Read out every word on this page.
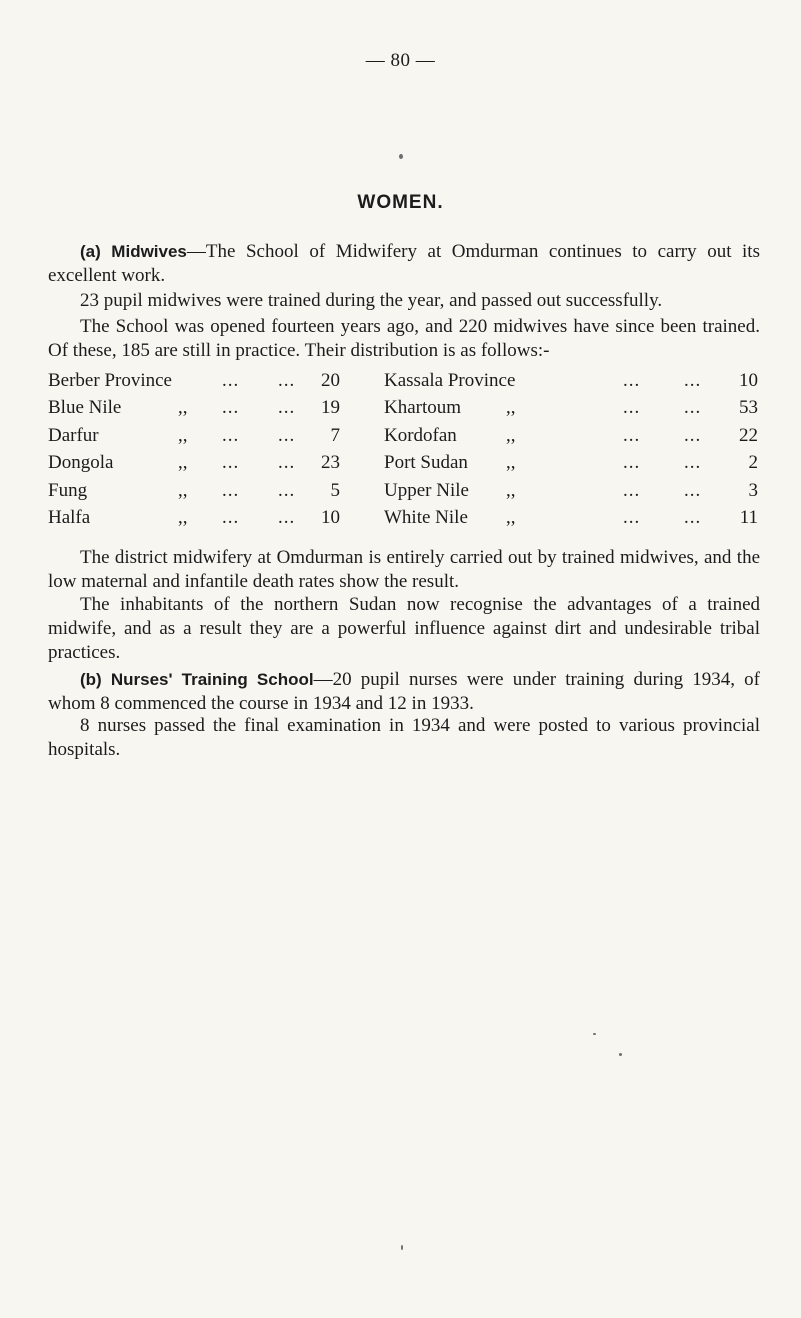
— 80 —
WOMEN.
(a) Midwives—The School of Midwifery at Omdurman continues to carry out its excellent work.
23 pupil midwives were trained during the year, and passed out successfully.
The School was opened fourteen years ago, and 220 midwives have since been trained. Of these, 185 are still in practice. Their distribution is as follows:-
Berber Province	... ...	20 Kassala Province	... ...	10
Blue Nile	,, ... ...	19 Khartoum ,,	... ...	53
Darfur	,, ... ...	7 Kordofan	,,	... ...	22
Dongola	,, ... ...	23 Port Sudan ,,	... ...	2
Fung	,, ... ...	5 Upper Nile ,,	... ...	3
Halfa	,, ... ...	10 White Nile ,,	... ...	11
The district midwifery at Omdurman is entirely carried out by trained midwives, and the low maternal and infantile death rates show the result.
The inhabitants of the northern Sudan now recognise the advantages of a trained midwife, and as a result they are a powerful influence against dirt and undesirable tribal practices.
(b) Nurses' Training School—20 pupil nurses were under training during 1934, of whom 8 commenced the course in 1934 and 12 in 1933.
8 nurses passed the final examination in 1934 and were posted to various provincial hospitals.
